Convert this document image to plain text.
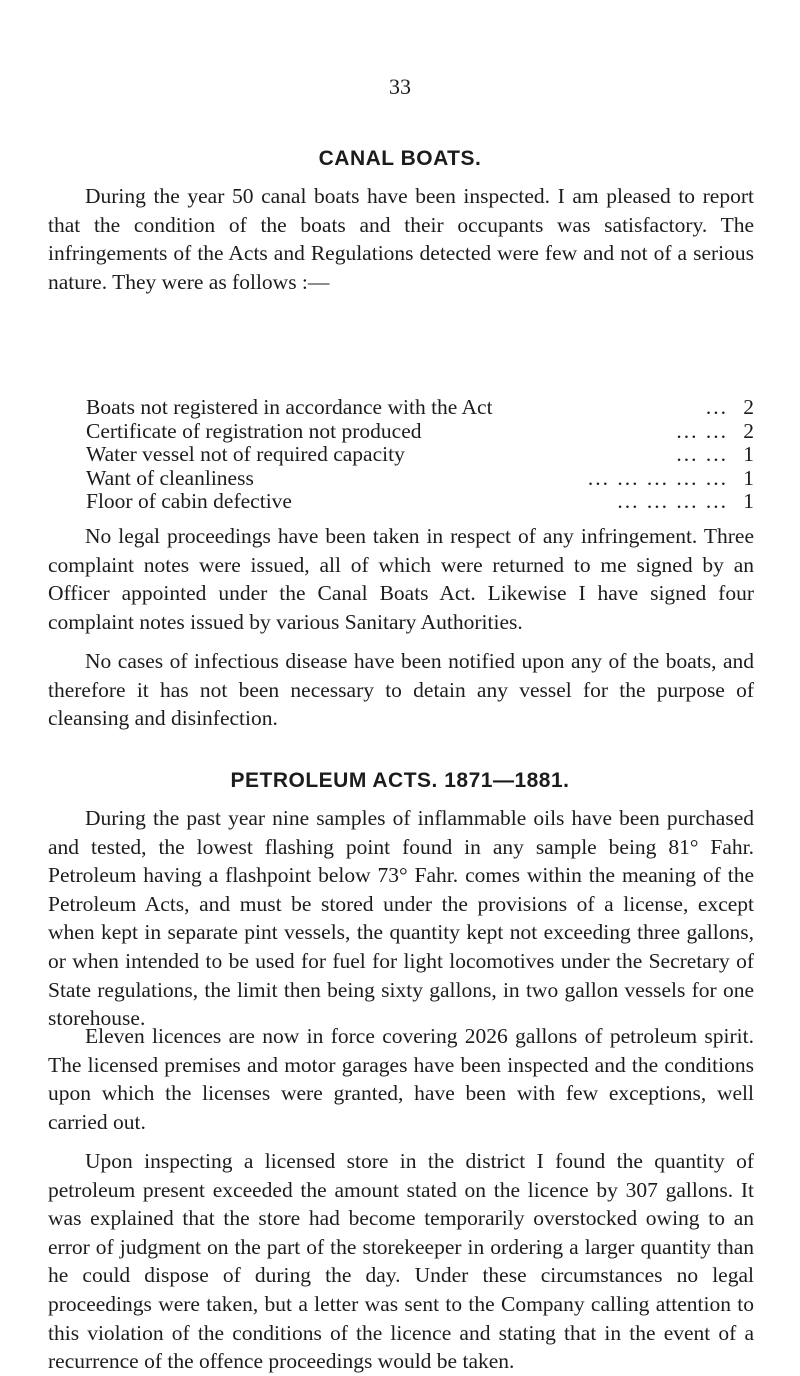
33
CANAL BOATS.

During the year 50 canal boats have been inspected. I am pleased to report that the condition of the boats and their occupants was satisfactory. The infringements of the Acts and Regulations detected were few and not of a serious nature. They were as follows :—

Boats not registered in accordance with the Act	... 2
Certificate of registration not produced	... ... 2
Water vessel not of required capacity	... ... 1
Want of cleanliness	... ... ... ... ... 1
Floor of cabin defective	... ... ... ... 1

No legal proceedings have been taken in respect of any infringement. Three complaint notes were issued, all of which were returned to me signed by an Officer appointed under the Canal Boats Act. Likewise I have signed four complaint notes issued by various Sanitary Authorities.

No cases of infectious disease have been notified upon any of the boats, and therefore it has not been necessary to detain any vessel for the purpose of cleansing and disinfection.

PETROLEUM ACTS. 1871—1881.

During the past year nine samples of inflammable oils have been purchased and tested, the lowest flashing point found in any sample being 81° Fahr. Petroleum having a flashpoint below 73° Fahr. comes within the meaning of the Petroleum Acts, and must be stored under the provisions of a license, except when kept in separate pint vessels, the quantity kept not exceeding three gallons, or when intended to be used for fuel for light locomotives under the Secretary of State regulations, the limit then being sixty gallons, in two gallon vessels for one storehouse.

Eleven licences are now in force covering 2026 gallons of petroleum spirit. The licensed premises and motor garages have been inspected and the conditions upon which the licenses were granted, have been with few exceptions, well carried out.

Upon inspecting a licensed store in the district I found the quantity of petroleum present exceeded the amount stated on the licence by 307 gallons. It was explained that the store had become temporarily overstocked owing to an error of judgment on the part of the storekeeper in ordering a larger quantity than he could dispose of during the day. Under these circumstances no legal proceedings were taken, but a letter was sent to the Company calling attention to this violation of the conditions of the licence and stating that in the event of a recurrence of the offence proceedings would be taken.
